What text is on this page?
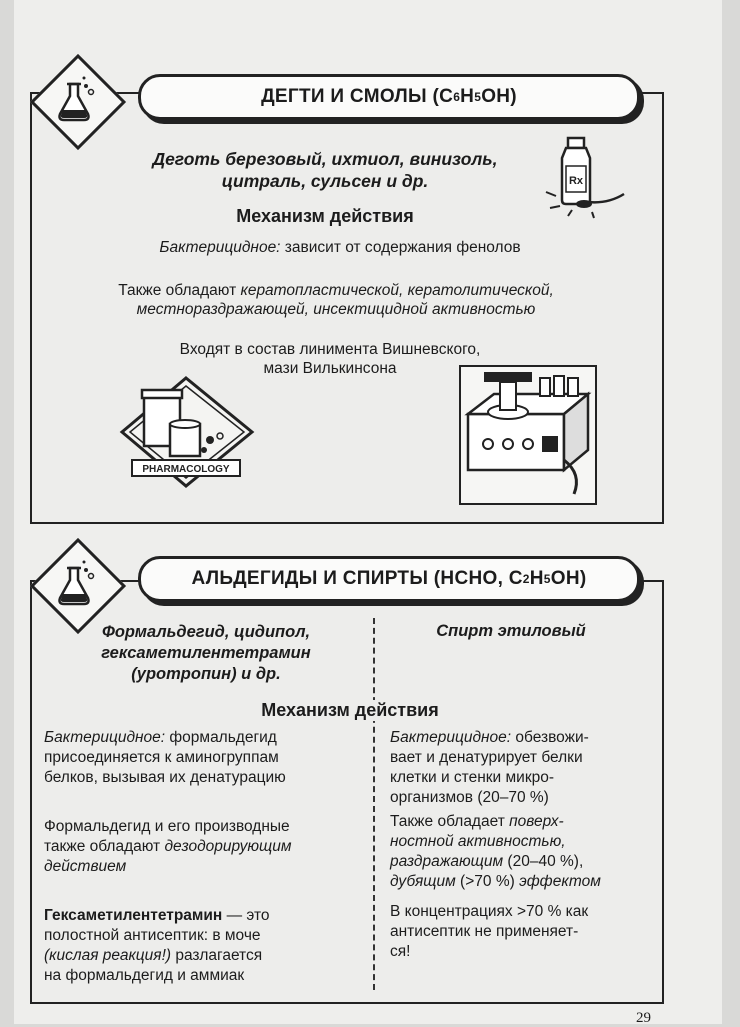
ДЕГТИ И СМОЛЫ (C 6 H 5 OH)
Деготь березовый, ихтиол, винизоль,
цитраль, сульсен и др.	Rx
Механизм действия
Бактерицидное: зависит от содержания фенолов
Также обладают кератопластической, кератолитической,
местнораздражающей, инсектицидной активностью
Входят в состав линимента Вишневского,
мази Вилькинсона
PHARMACOLOGY
АЛЬДЕГИДЫ И СПИРТЫ (HCHO, C 2 H 5 OH)
Формальдегид, цидипол,
гексаметилентетрамин
(уротропин) и др.
Спирт этиловый
Механизм действия
Бактерицидное: формальдегид
присоединяется к аминогруппам
белков, вызывая их денатурацию
Формальдегид и его производные
также обладают дезодорирующим
действием
Гексаметилентетрамин — это
полостной антисептик: в моче
(кислая реакция!) разлагается
на формальдегид и аммиак
Бактерицидное: обезвожи-
вает и денатурирует белки
клетки и стенки микро-
организмов (20–70 %)
Также обладает поверх-
ностной активностью,
раздражающим (20–40 %),
дубящим (>70 %) эффектом
В концентрациях >70 % как
антисептик не применяет-
ся!
29
